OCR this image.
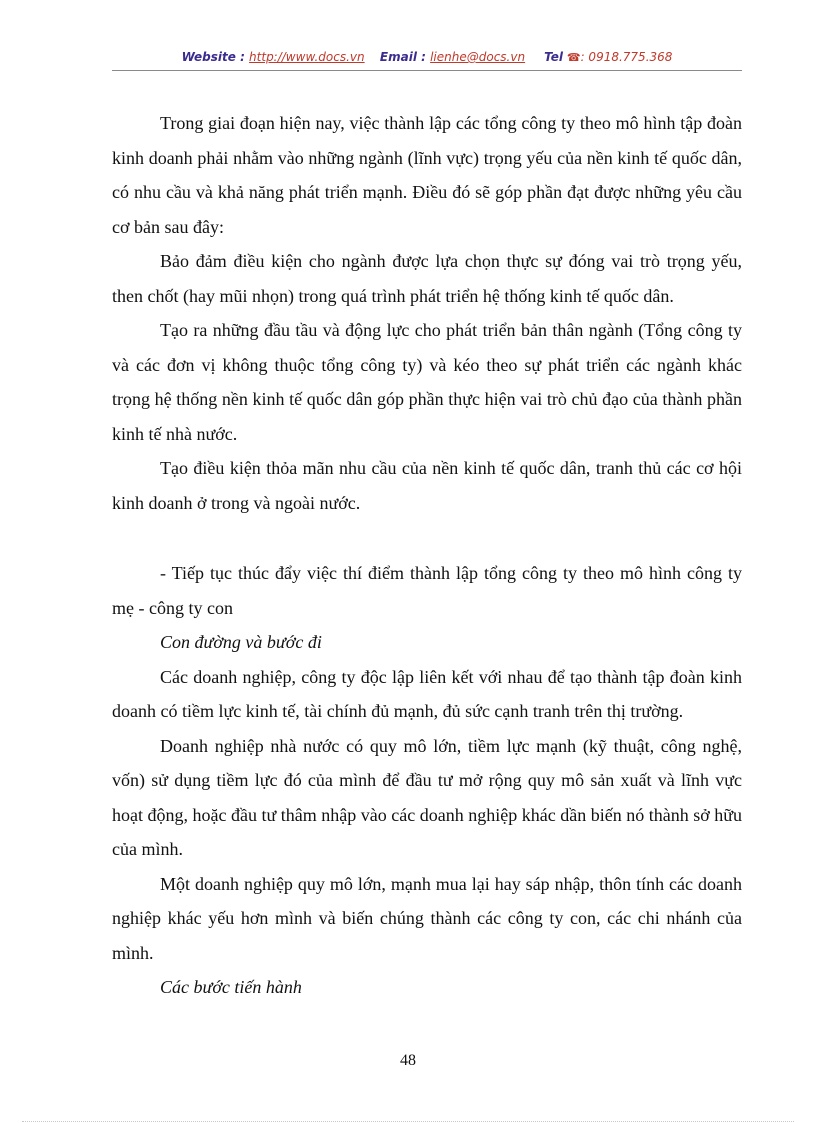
Website : http://www.docs.vn Email : lienhe@docs.vn Tel ☎: 0918.775.368

Trong giai đoạn hiện nay, việc thành lập các tổng công ty theo mô hình tập đoàn kinh doanh phải nhằm vào những ngành (lĩnh vực) trọng yếu của nền kinh tế quốc dân, có nhu cầu và khả năng phát triển mạnh. Điều đó sẽ góp phần đạt được những yêu cầu cơ bản sau đây:

Bảo đảm điều kiện cho ngành được lựa chọn thực sự đóng vai trò trọng yếu, then chốt (hay mũi nhọn) trong quá trình phát triển hệ thống kinh tế quốc dân.

Tạo ra những đầu tầu và động lực cho phát triển bản thân ngành (Tổng công ty và các đơn vị không thuộc tổng công ty) và kéo theo sự phát triển các ngành khác trọng hệ thống nền kinh tế quốc dân góp phần thực hiện vai trò chủ đạo của thành phần kinh tế nhà nước.

Tạo điều kiện thỏa mãn nhu cầu của nền kinh tế quốc dân, tranh thủ các cơ hội kinh doanh ở trong và ngoài nước.

- Tiếp tục thúc đẩy việc thí điểm thành lập tổng công ty theo mô hình công ty mẹ - công ty con

Con đường và bước đi

Các doanh nghiệp, công ty độc lập liên kết với nhau để tạo thành tập đoàn kinh doanh có tiềm lực kinh tế, tài chính đủ mạnh, đủ sức cạnh tranh trên thị trường.

Doanh nghiệp nhà nước có quy mô lớn, tiềm lực mạnh (kỹ thuật, công nghệ, vốn) sử dụng tiềm lực đó của mình để đầu tư mở rộng quy mô sản xuất và lĩnh vực hoạt động, hoặc đầu tư thâm nhập vào các doanh nghiệp khác dần biến nó thành sở hữu của mình.

Một doanh nghiệp quy mô lớn, mạnh mua lại hay sáp nhập, thôn tính các doanh nghiệp khác yếu hơn mình và biến chúng thành các công ty con, các chi nhánh của mình.

Các bước tiến hành

48
